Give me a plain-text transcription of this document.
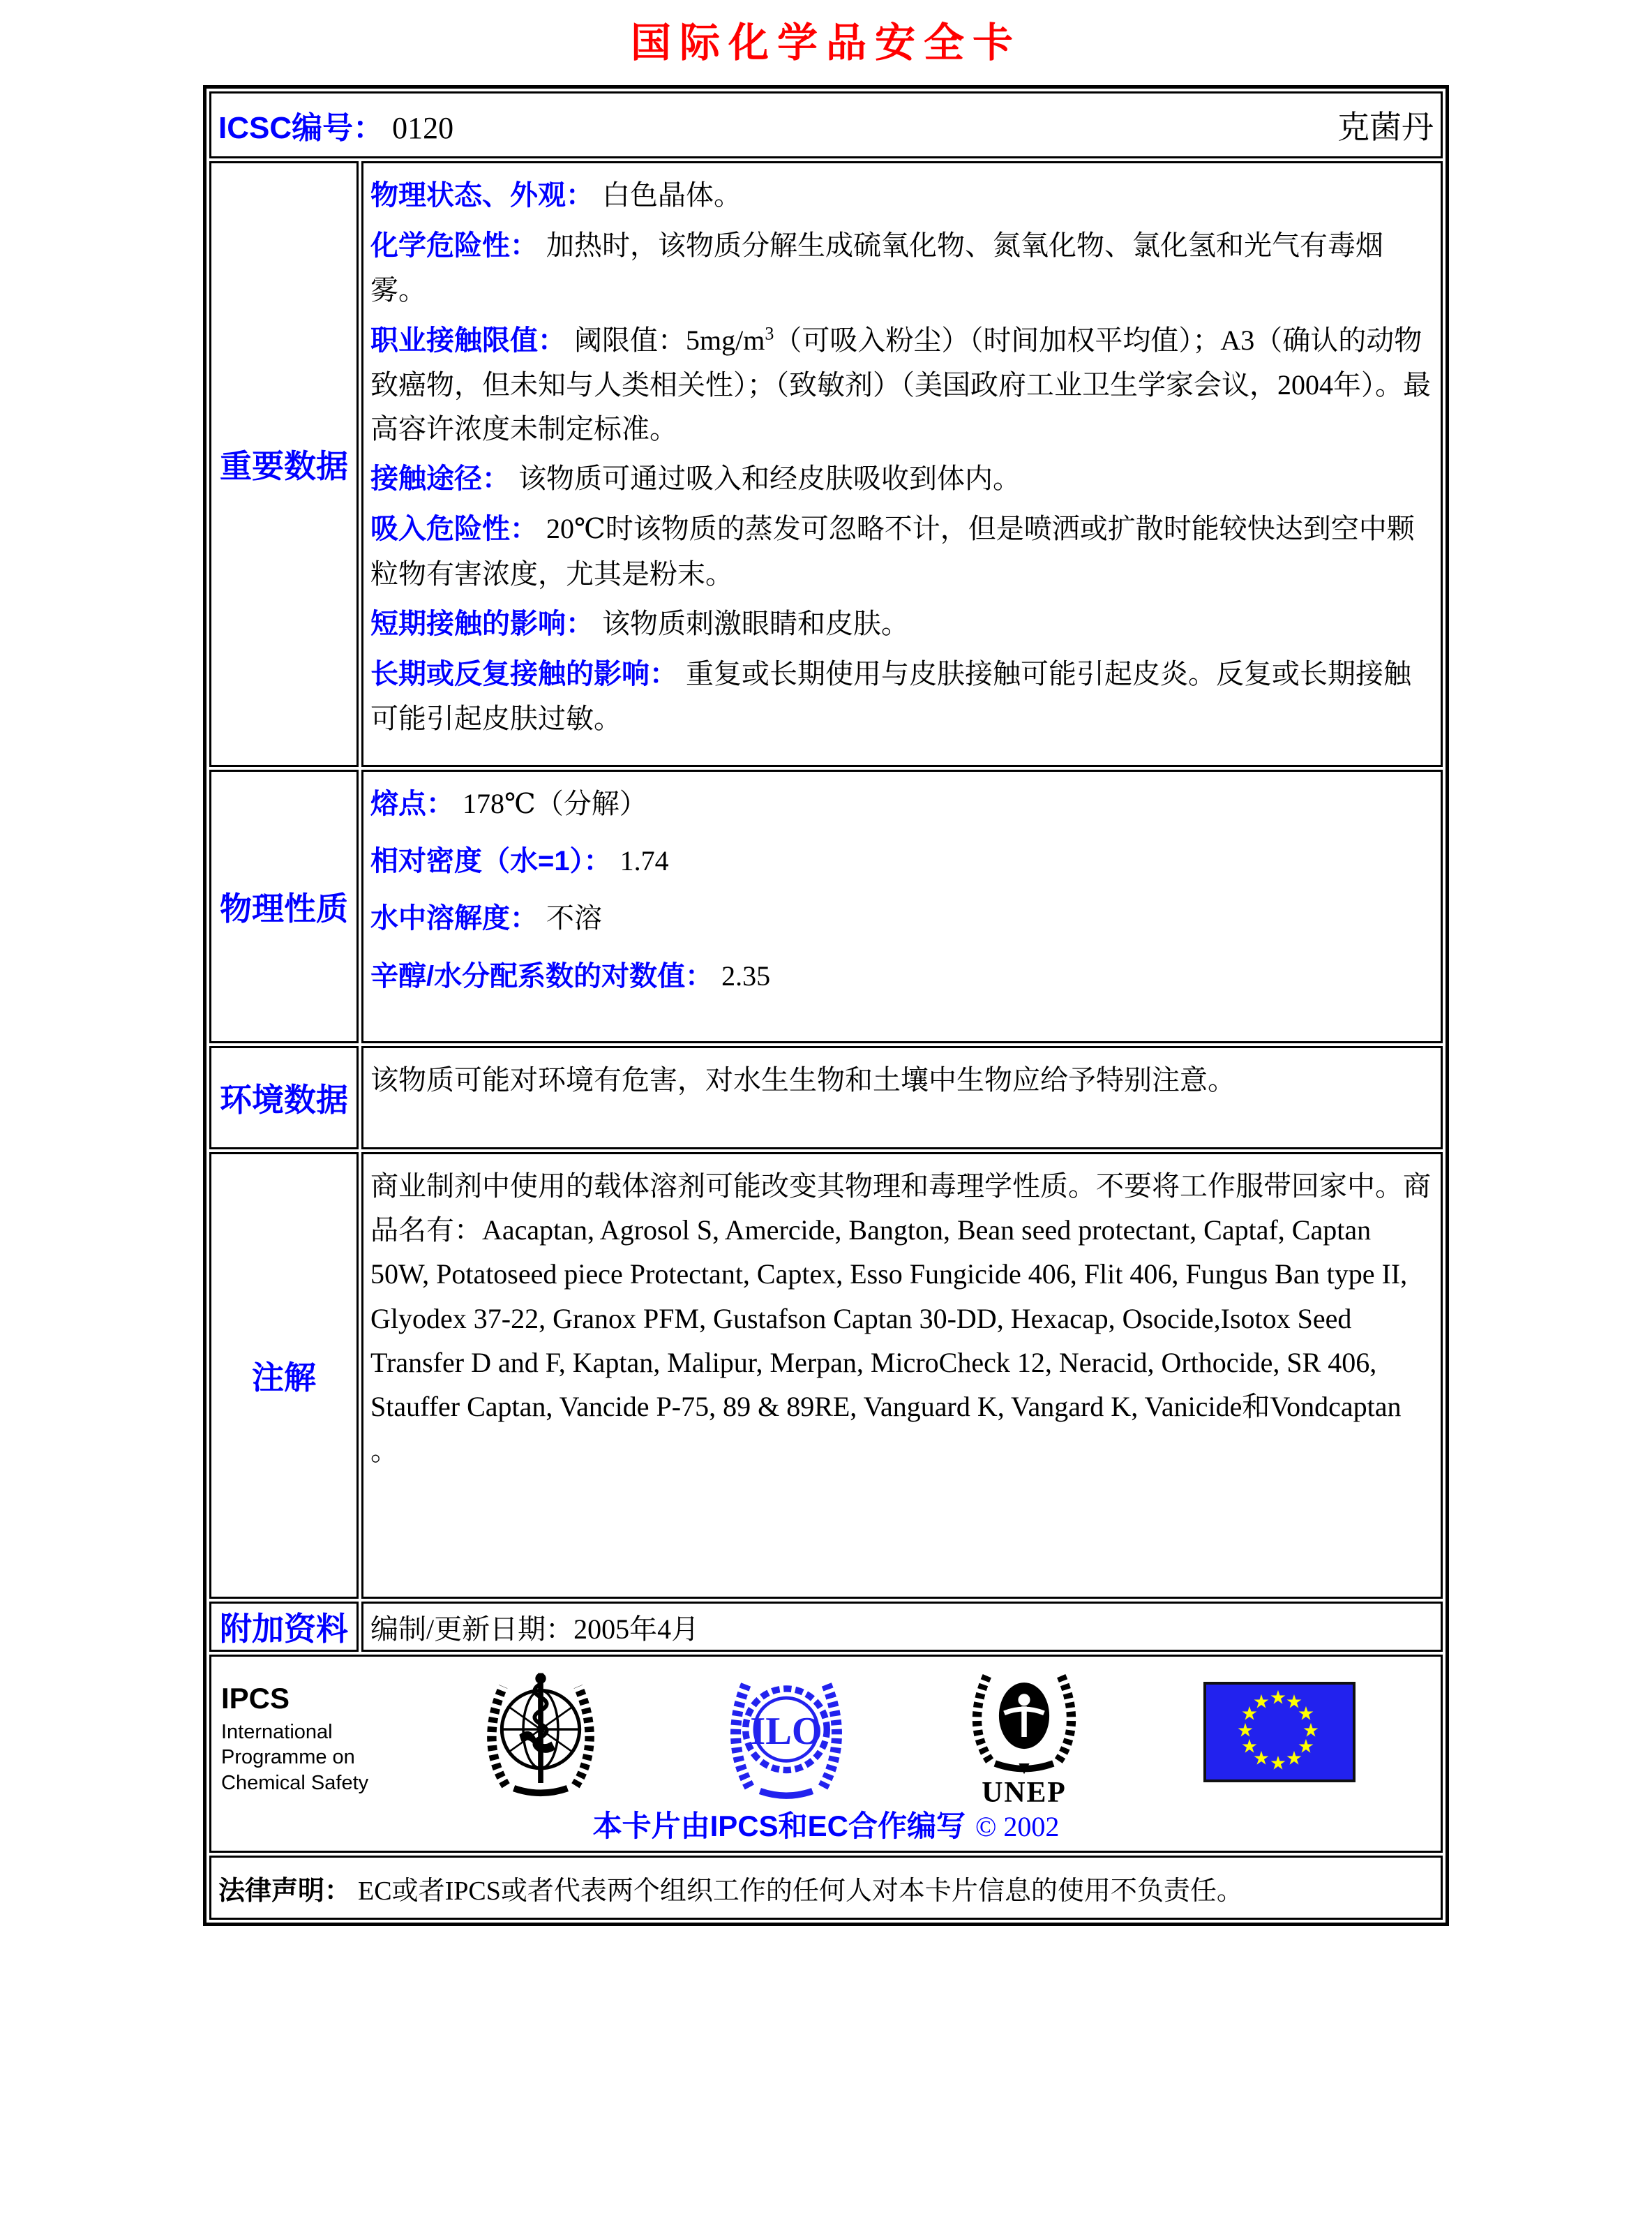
国际化学品安全卡
ICSC编号： 0120 克菌丹	

重要数据	
物理状态、外观： 白色晶体。
化学危险性： 加热时，该物质分解生成硫氧化物、氮氧化物、氯化氢和光气有毒烟雾。
职业接触限值： 阈限值：$5mg/m^3$（可吸入粉尘）（时间加权平均值）；A3（确认的动物致癌物，但未知与人类相关性）；（致敏剂）（美国政府工业卫生学家会议，2004年）。最高容许浓度未制定标准。
接触途径： 该物质可通过吸入和经皮肤吸收到体内。
吸入危险性： 20℃时该物质的蒸发可忽略不计，但是喷洒或扩散时能较快达到空中颗粒物有害浓度，尤其是粉末。
短期接触的影响： 该物质刺激眼睛和皮肤。
长期或反复接触的影响： 重复或长期使用与皮肤接触可能引起皮炎。反复或长期接触可能引起皮肤过敏。

物理性质	熔点： 178℃（分解）
相对密度（水=1）： 1.74
水中溶解度： 不溶
辛醇/水分配系数的对数值： 2.35

环境数据	该物质可能对环境有危害，对水生生物和土壤中生物应给予特别注意。

注解	商业制剂中使用的载体溶剂可能改变其物理和毒理学性质。不要将工作服带回家中。商品名有：Aacaptan, Agrosol S, Amercide, Bangton, Bean seed protectant, Captaf, Captan 50W, Potatoseed piece Protectant, Captex, Esso Fungicide 406, Flit 406, Fungus Ban type II, Glyodex 37-22, Granox PFM, Gustafson Captan 30-DD, Hexacap, Osocide,Isotox Seed Transfer D and F, Kaptan, Malipur, Merpan, MicroCheck 12, Neracid, Orthocide, SR 406, Stauffer Captan, Vancide P-75, 89 & 89RE, Vanguard K, Vangard K, Vanicide和Vondcaptan 。

附加资料	编制/更新日期：2005年4月

IPCS
International
Programme on
Chemical Safety
ILO
UNEP
★
★
★
★
★
★
★
★
★
★
★
★
本卡片由IPCS和EC合作编写 © 2002

法律声明： EC或者IPCS或者代表两个组织工作的任何人对本卡片信息的使用不负责任。	
